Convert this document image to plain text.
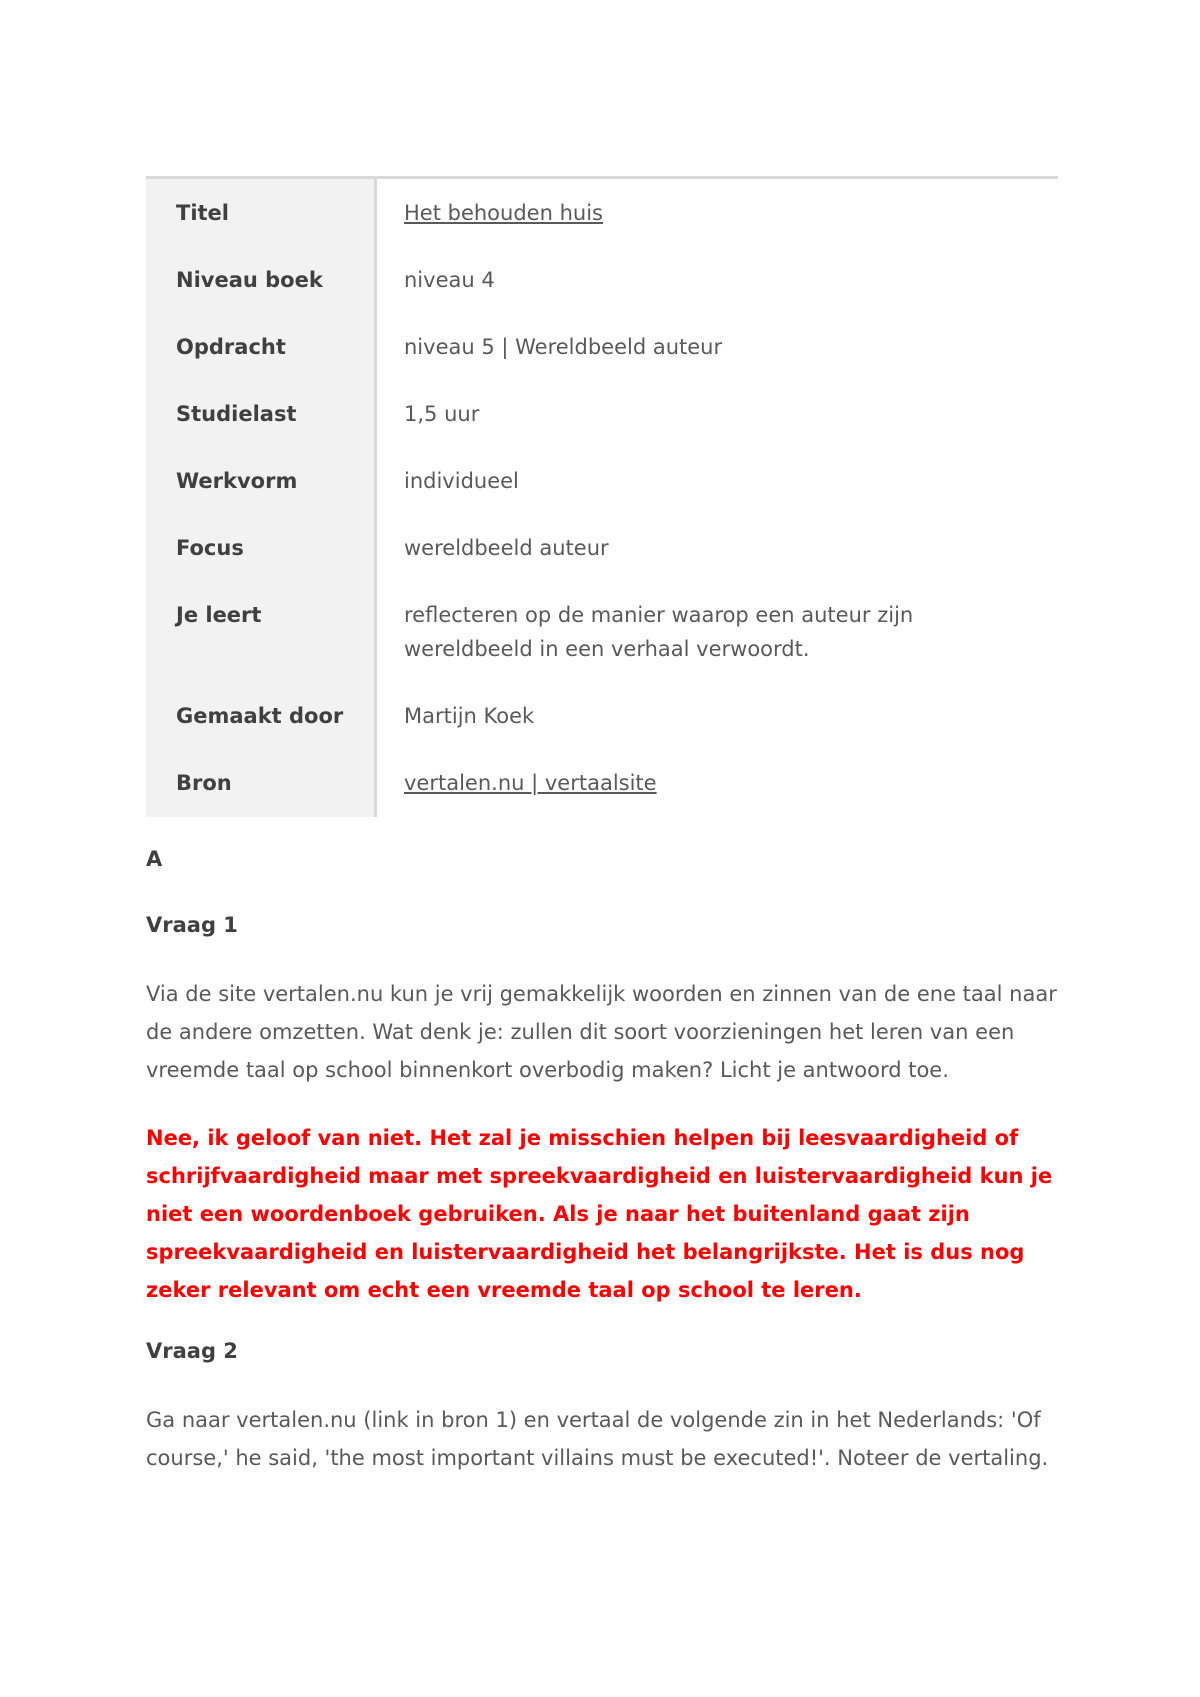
Titel	Het behouden huis
Niveau boek	niveau 4
Opdracht	niveau 5 | Wereldbeeld auteur
Studielast	1,5 uur
Werkvorm	individueel
Focus	wereldbeeld auteur
Je leert	reflecteren op de manier waarop een auteur zijn wereldbeeld in een verhaal verwoordt.
Gemaakt door	Martijn Koek
Bron	vertalen.nu | vertaalsite
A
Vraag 1
Via de site vertalen.nu kun je vrij gemakkelijk woorden en zinnen van de ene taal naar de andere omzetten. Wat denk je: zullen dit soort voorzieningen het leren van een vreemde taal op school binnenkort overbodig maken? Licht je antwoord toe.
Nee, ik geloof van niet. Het zal je misschien helpen bij leesvaardigheid of schrijfvaardigheid maar met spreekvaardigheid en luistervaardigheid kun je niet een woordenboek gebruiken. Als je naar het buitenland gaat zijn spreekvaardigheid en luistervaardigheid het belangrijkste. Het is dus nog zeker relevant om echt een vreemde taal op school te leren.
Vraag 2
Ga naar vertalen.nu (link in bron 1) en vertaal de volgende zin in het Nederlands: 'Of course,' he said, 'the most important villains must be executed!'. Noteer de vertaling.
